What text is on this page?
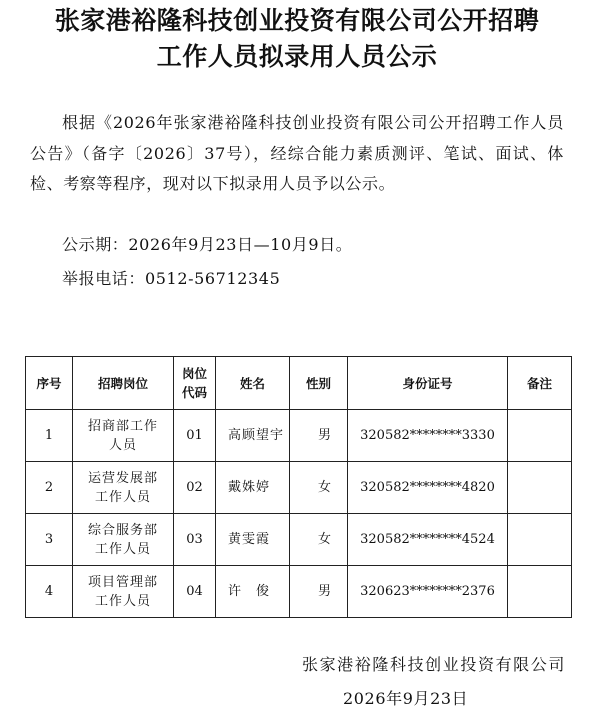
张家港裕隆科技创业投资有限公司公开招聘
工作人员拟录用人员公示
根据《2026年张家港裕隆科技创业投资有限公司公开招聘工作人员公告》（备字〔2026〕37号），经综合能力素质测评、笔试、面试、体检、考察等程序，现对以下拟录用人员予以公示。
公示期：2026年9月23日—10月9日。
举报电话：0512-56712345
序号	招聘岗位	岗位代码	姓名	性别	身份证号	备注
1	招商部工作人员	01	高顾望宇	男	320582********3330	
2	运营发展部工作人员	02	戴姝婷	女	320582********4820	
3	综合服务部工作人员	03	黄雯霞	女	320582********4524	
4	项目管理部工作人员	04	许　俊	男	320623********2376	
张家港裕隆科技创业投资有限公司
2026年9月23日
